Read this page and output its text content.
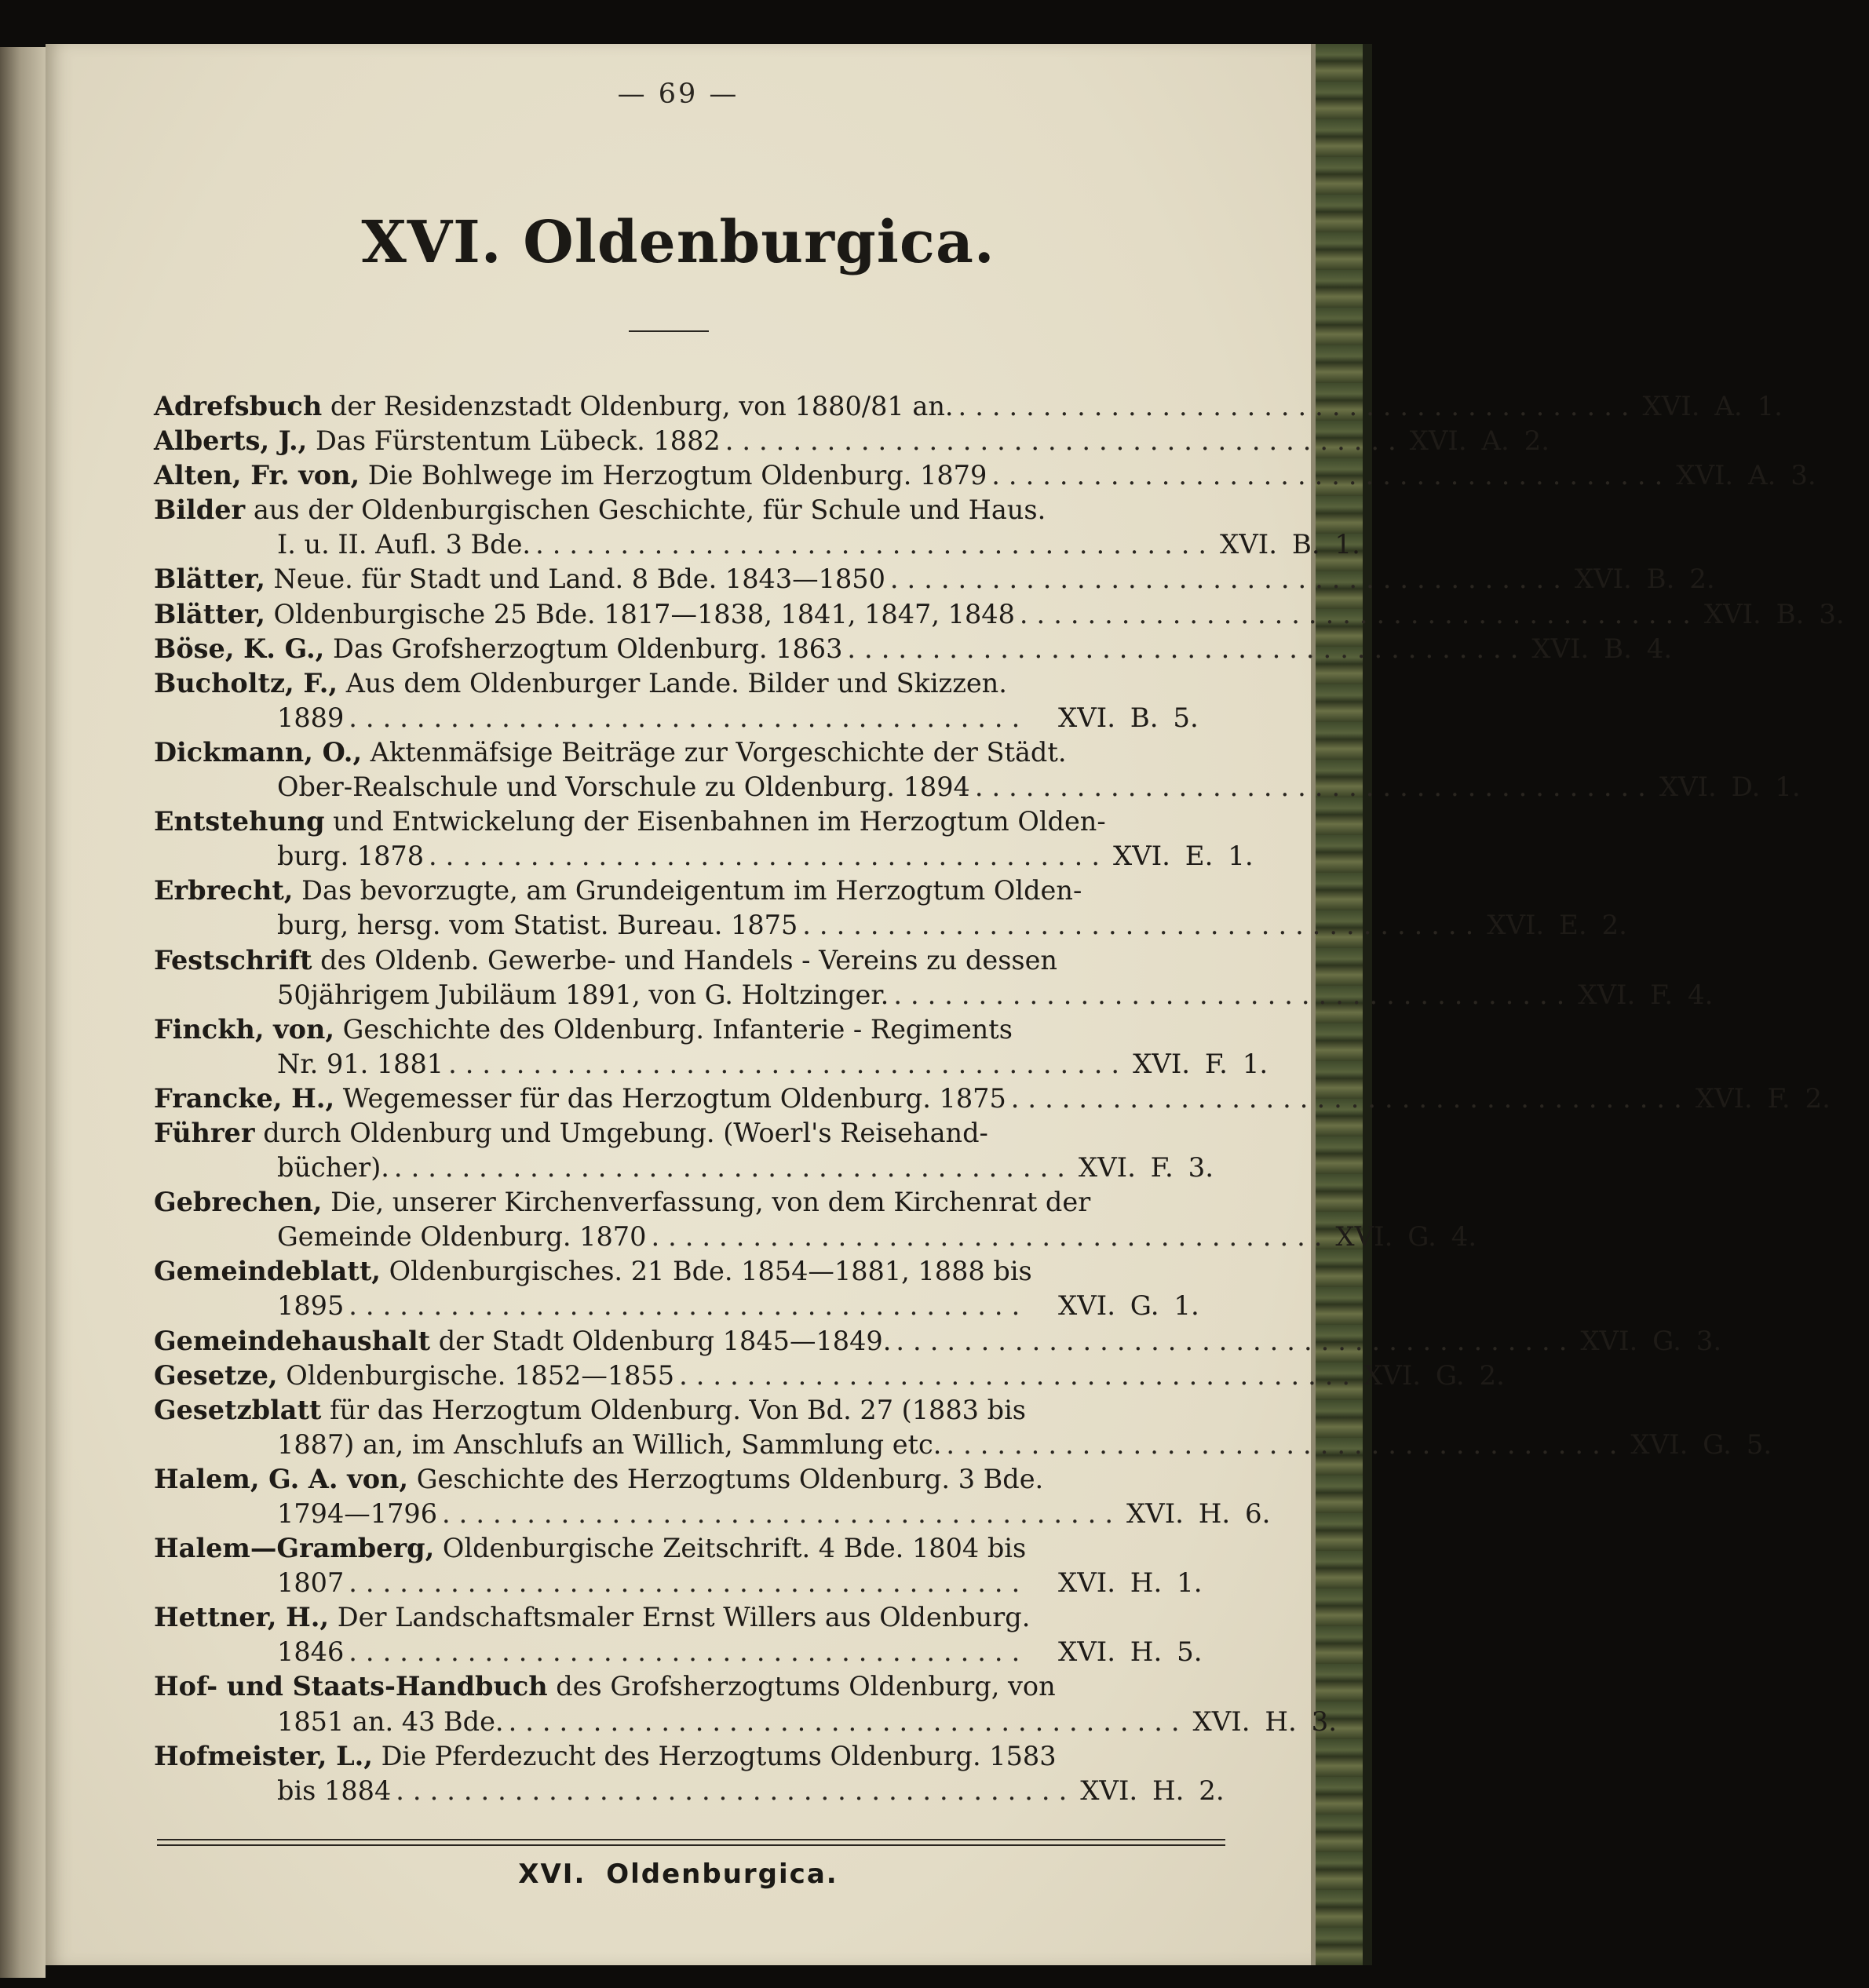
— 69 —
XVI. Oldenburgica.
Adrefsbuch der Residenzstadt Oldenburg, von 1880/81 an. ........................................ XVI. A. 1.
Alberts, J., Das Fürstentum Lübeck. 1882 ........................................ XVI. A. 2.
Alten, Fr. von, Die Bohlwege im Herzogtum Oldenburg. 1879 ........................................ XVI. A. 3.
Bilder aus der Oldenburgischen Geschichte, für Schule und Haus.
I. u. II. Aufl. 3 Bde. ........................................ XVI. B. 1.
Blätter, Neue. für Stadt und Land. 8 Bde. 1843—1850 ........................................ XVI. B. 2.
Blätter, Oldenburgische 25 Bde. 1817—1838, 1841, 1847, 1848 ........................................ XVI. B. 3.
Böse, K. G., Das Grofsherzogtum Oldenburg. 1863 ........................................ XVI. B. 4.
Bucholtz, F., Aus dem Oldenburger Lande. Bilder und Skizzen.
1889 ........................................	XVI. B. 5.
Dickmann, O., Aktenmäfsige Beiträge zur Vorgeschichte der Städt.
Ober-Realschule und Vorschule zu Oldenburg. 1894 ........................................ XVI. D. 1.
Entstehung und Entwickelung der Eisenbahnen im Herzogtum Olden-
burg. 1878 ........................................ XVI. E. 1.
Erbrecht, Das bevorzugte, am Grundeigentum im Herzogtum Olden-
burg, hersg. vom Statist. Bureau. 1875 ........................................ XVI. E. 2.
Festschrift des Oldenb. Gewerbe- und Handels - Vereins zu dessen
50jährigem Jubiläum 1891, von G. Holtzinger. ........................................ XVI. F. 4.
Finckh, von, Geschichte des Oldenburg. Infanterie - Regiments
Nr. 91. 1881 ........................................ XVI. F. 1.
Francke, H., Wegemesser für das Herzogtum Oldenburg. 1875 ........................................ XVI. F. 2.
Führer durch Oldenburg und Umgebung. (Woerl's Reisehand-
bücher). ........................................ XVI. F. 3.
Gebrechen, Die, unserer Kirchenverfassung, von dem Kirchenrat der
Gemeinde Oldenburg. 1870 ........................................ XVI. G. 4.
Gemeindeblatt, Oldenburgisches. 21 Bde. 1854—1881, 1888 bis
1895 ........................................	XVI. G. 1.
Gemeindehaushalt der Stadt Oldenburg 1845—1849. ........................................ XVI. G. 3.
Gesetze, Oldenburgische. 1852—1855 ........................................ XVI. G. 2.
Gesetzblatt für das Herzogtum Oldenburg. Von Bd. 27 (1883 bis
1887) an, im Anschlufs an Willich, Sammlung etc. ........................................ XVI. G. 5.
Halem, G. A. von, Geschichte des Herzogtums Oldenburg. 3 Bde.
1794—1796 ........................................ XVI. H. 6.
Halem—Gramberg, Oldenburgische Zeitschrift. 4 Bde. 1804 bis
1807 ........................................	XVI. H. 1.
Hettner, H., Der Landschaftsmaler Ernst Willers aus Oldenburg.
1846 ........................................	XVI. H. 5.
Hof- und Staats-Handbuch des Grofsherzogtums Oldenburg, von
1851 an. 43 Bde. ........................................ XVI. H. 3.
Hofmeister, L., Die Pferdezucht des Herzogtums Oldenburg. 1583
bis 1884 ........................................ XVI. H. 2.
XVI. Oldenburgica.
